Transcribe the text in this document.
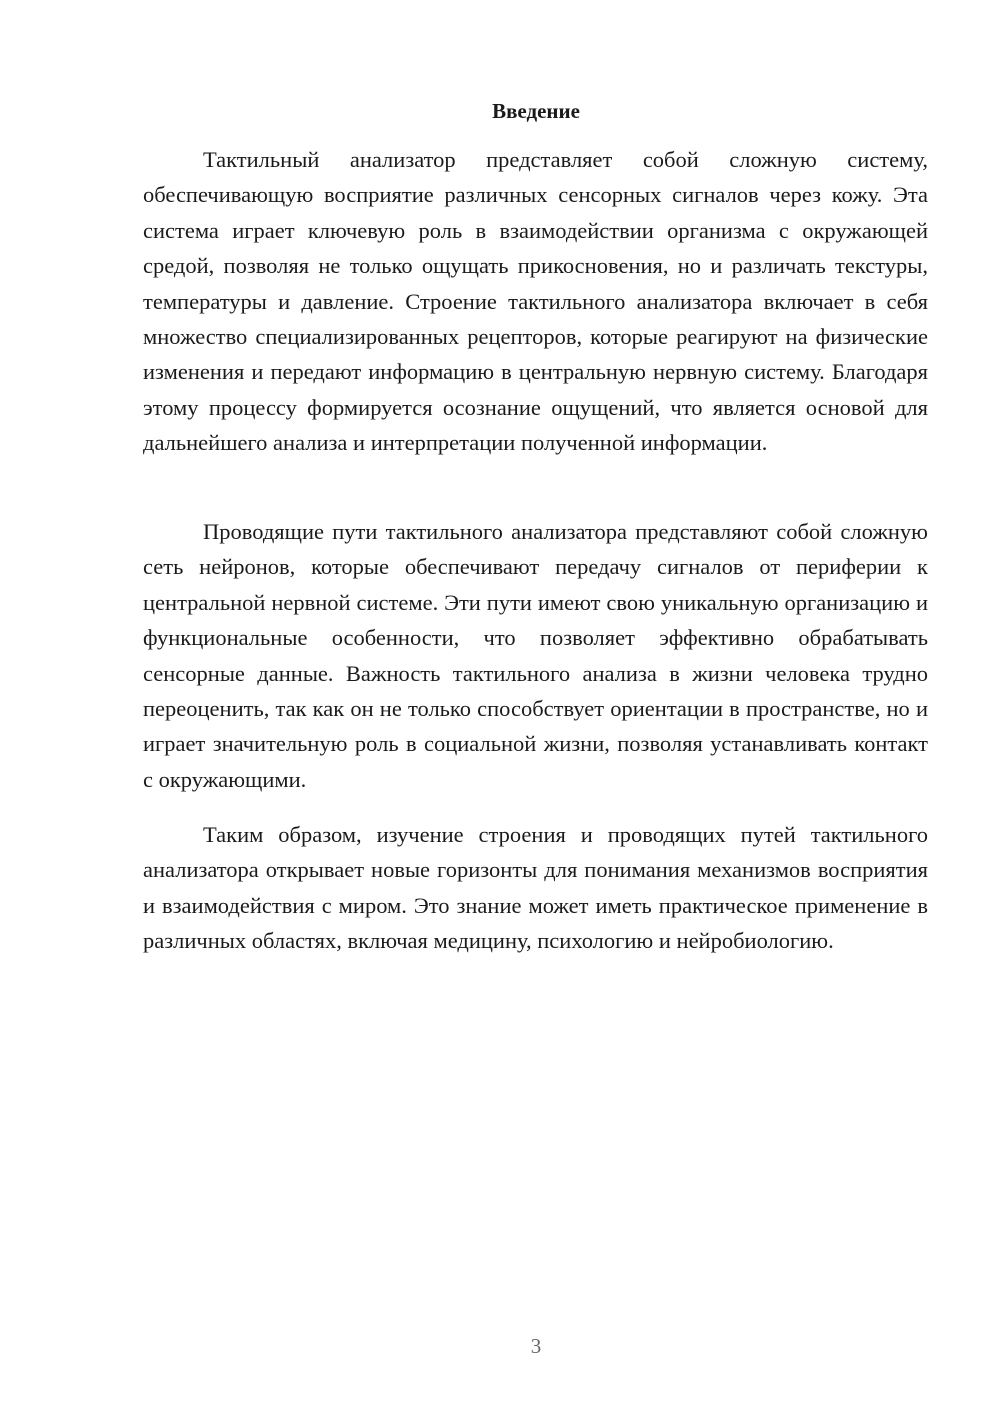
Введение

Тактильный анализатор представляет собой сложную систему, обеспечивающую восприятие различных сенсорных сигналов через кожу. Эта система играет ключевую роль в взаимодействии организма с окружающей средой, позволяя не только ощущать прикосновения, но и различать текстуры, температуры и давление. Строение тактильного анализатора включает в себя множество специализированных рецепторов, которые реагируют на физические изменения и передают информацию в центральную нервную систему. Благодаря этому процессу формируется осознание ощущений, что является основой для дальнейшего анализа и интерпретации полученной информации.

Проводящие пути тактильного анализатора представляют собой сложную сеть нейронов, которые обеспечивают передачу сигналов от периферии к центральной нервной системе. Эти пути имеют свою уникальную организацию и функциональные особенности, что позволяет эффективно обрабатывать сенсорные данные. Важность тактильного анализа в жизни человека трудно переоценить, так как он не только способствует ориентации в пространстве, но и играет значительную роль в социальной жизни, позволяя устанавливать контакт с окружающими.

Таким образом, изучение строения и проводящих путей тактильного анализатора открывает новые горизонты для понимания механизмов восприятия и взаимодействия с миром. Это знание может иметь практическое применение в различных областях, включая медицину, психологию и нейробиологию.

3
